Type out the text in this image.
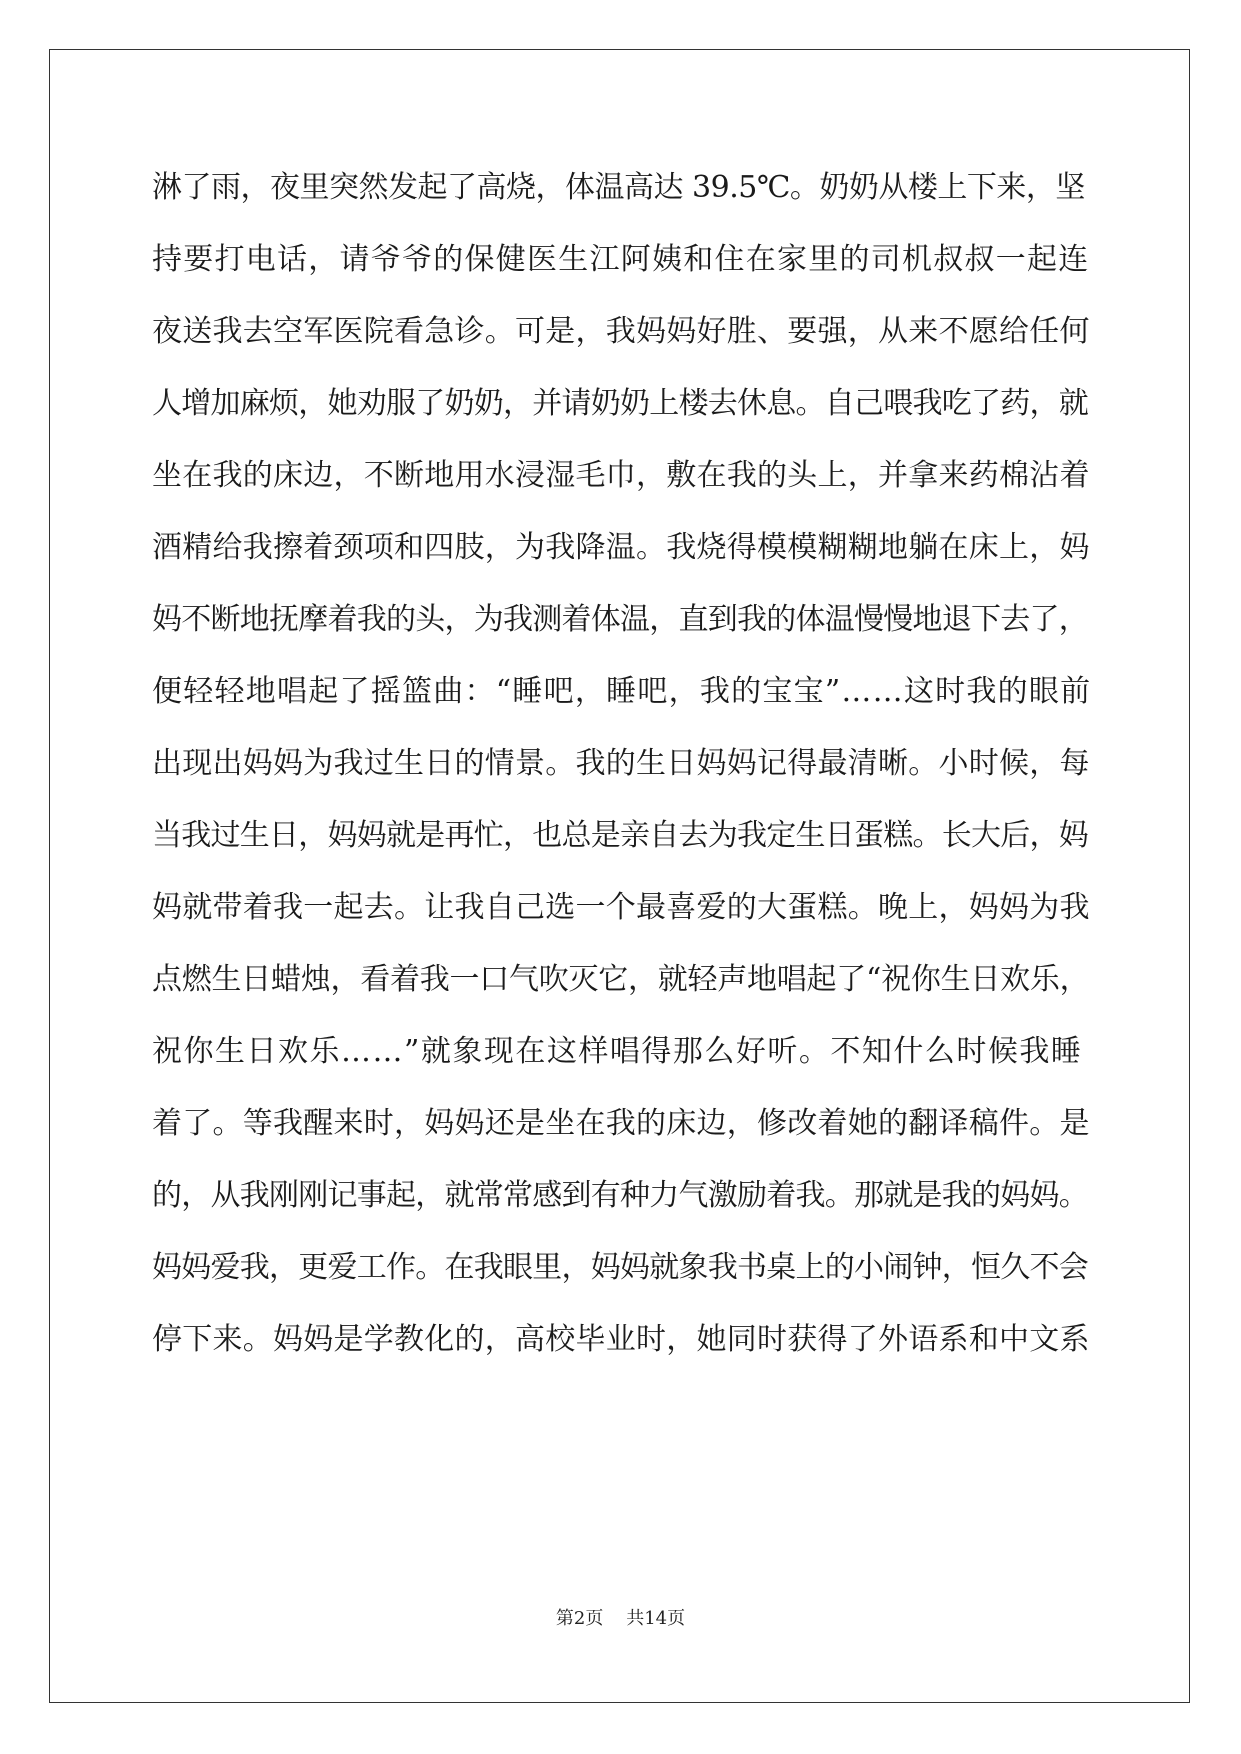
淋了雨，夜里突然发起了高烧，体温高达 39.5℃。奶奶从楼上下来，坚
持要打电话，请爷爷的保健医生江阿姨和住在家里的司机叔叔一起连
夜送我去空军医院看急诊。可是，我妈妈好胜、要强，从来不愿给任何
人增加麻烦，她劝服了奶奶，并请奶奶上楼去休息。自己喂我吃了药，就
坐在我的床边，不断地用水浸湿毛巾，敷在我的头上，并拿来药棉沾着
酒精给我擦着颈项和四肢，为我降温。我烧得模模糊糊地躺在床上，妈
妈不断地抚摩着我的头，为我测着体温，直到我的体温慢慢地退下去了，
便轻轻地唱起了摇篮曲：“睡吧，睡吧，我的宝宝”……这时我的眼前
出现出妈妈为我过生日的情景。我的生日妈妈记得最清晰。小时候，每
当我过生日，妈妈就是再忙，也总是亲自去为我定生日蛋糕。长大后，妈
妈就带着我一起去。让我自己选一个最喜爱的大蛋糕。晚上，妈妈为我
点燃生日蜡烛，看着我一口气吹灭它，就轻声地唱起了“祝你生日欢乐，
祝你生日欢乐……”就象现在这样唱得那么好听。不知什么时候我睡
着了。等我醒来时，妈妈还是坐在我的床边，修改着她的翻译稿件。是
的，从我刚刚记事起，就常常感到有种力气激励着我。那就是我的妈妈。
妈妈爱我，更爱工作。在我眼里，妈妈就象我书桌上的小闹钟，恒久不会
停下来。妈妈是学教化的，高校毕业时，她同时获得了外语系和中文系
第2页 共14页
